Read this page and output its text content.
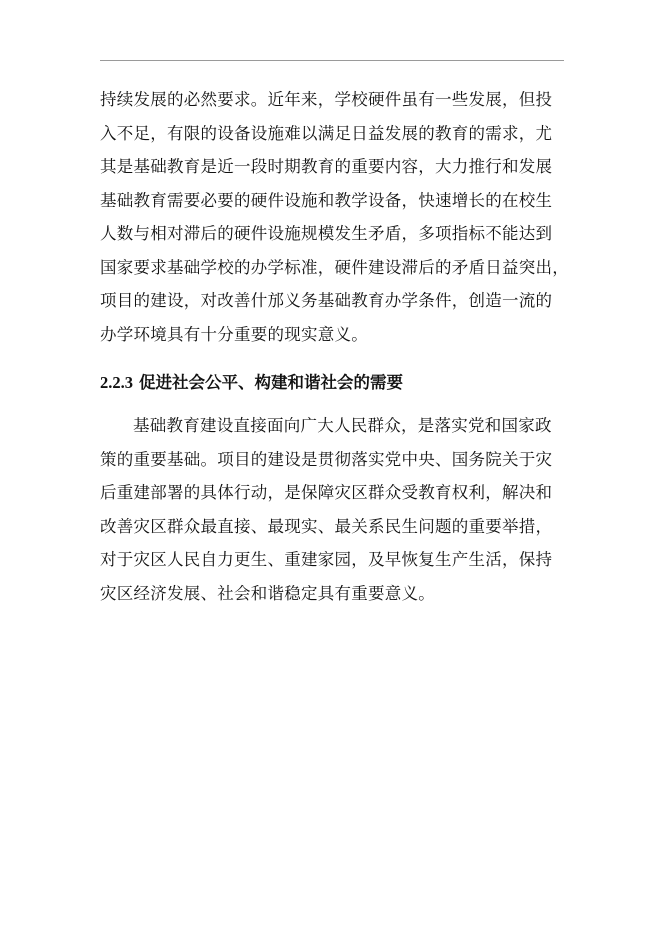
持续发展的必然要求。近年来，学校硬件虽有一些发展，但投
入不足，有限的设备设施难以满足日益发展的教育的需求，尤
其是基础教育是近一段时期教育的重要内容，大力推行和发展
基础教育需要必要的硬件设施和教学设备，快速增长的在校生
人数与相对滞后的硬件设施规模发生矛盾，多项指标不能达到
国家要求基础学校的办学标准，硬件建设滞后的矛盾日益突出，
项目的建设，对改善什邡义务基础教育办学条件，创造一流的
办学环境具有十分重要的现实意义。
2.2.3 促进社会公平、构建和谐社会的需要
基础教育建设直接面向广大人民群众，是落实党和国家政
策的重要基础。项目的建设是贯彻落实党中央、国务院关于灾
后重建部署的具体行动，是保障灾区群众受教育权利，解决和
改善灾区群众最直接、最现实、最关系民生问题的重要举措，
对于灾区人民自力更生、重建家园，及早恢复生产生活，保持
灾区经济发展、社会和谐稳定具有重要意义。
